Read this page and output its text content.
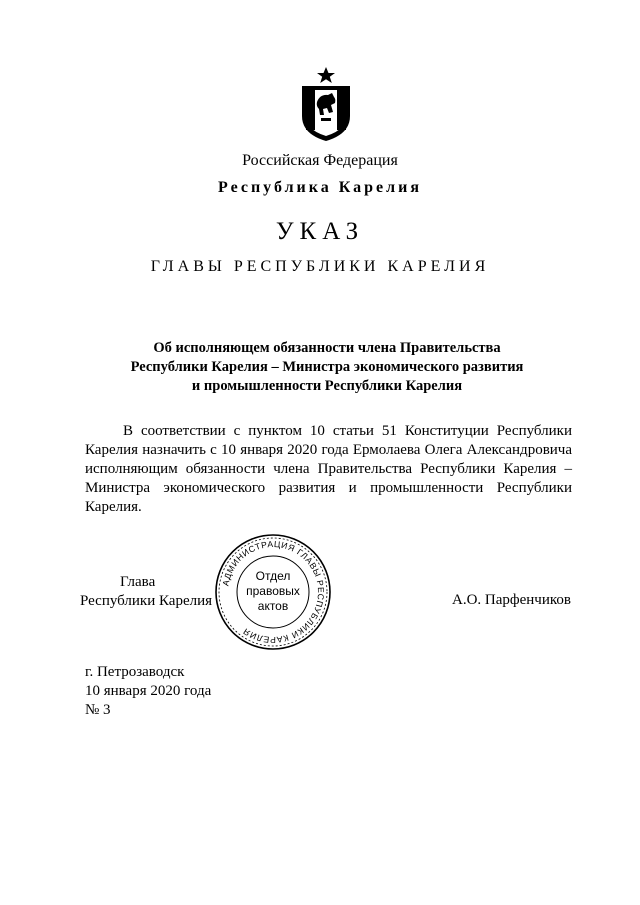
Российская Федерация
Республика Карелия
УКАЗ
ГЛАВЫ РЕСПУБЛИКИ КАРЕЛИЯ
Об исполняющем обязанности члена Правительства
Республики Карелия – Министра экономического развития
и промышленности Республики Карелия

В соответствии с пунктом 10 статьи 51 Конституции Республики Карелия назначить с 10 января 2020 года Ермолаева Олега Александровича исполняющим обязанности члена Правительства Республики Карелия – Министра экономического развития и промышленности Республики Карелия.

Глава
Республики Карелия
АДМИНИСТРАЦИЯ ГЛАВЫ РЕСПУБЛИКИ КАРЕЛИЯ
Отдел
правовых
актов	А.О. Парфенчиков
г. Петрозаводск
10 января 2020 года
№ 3
